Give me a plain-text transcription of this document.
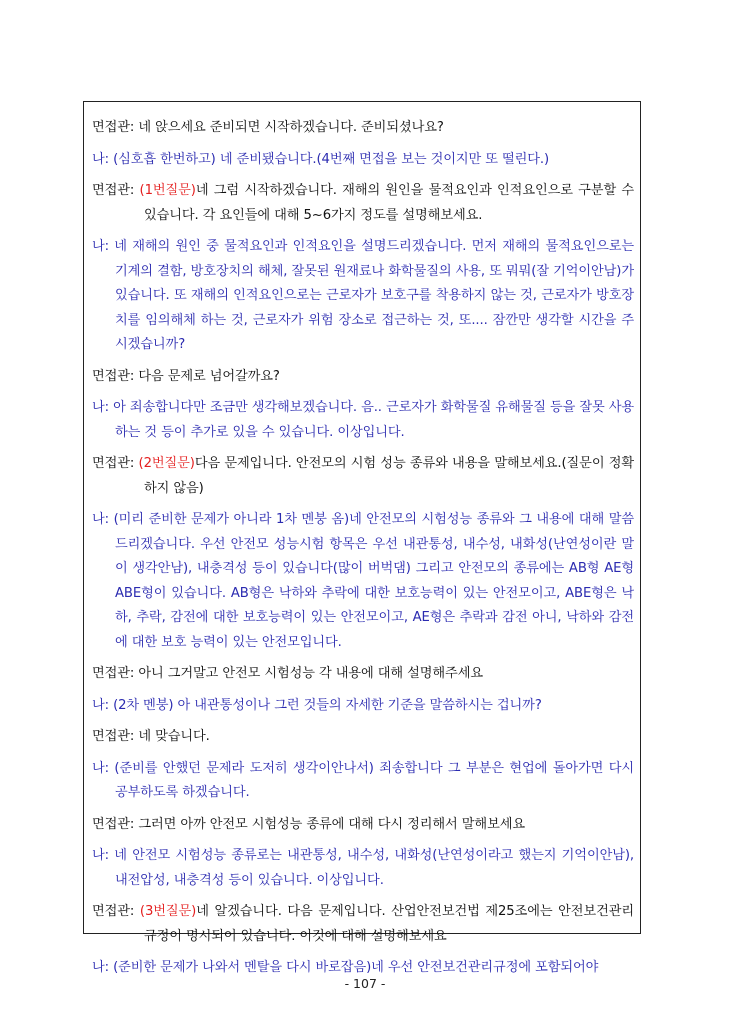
면접관: 네 앉으세요 준비되면 시작하겠습니다. 준비되셨나요?

나: (심호흡 한번하고) 네 준비됐습니다.(4번째 면접을 보는 것이지만 또 떨린다.)

면접관: (1번질문)네 그럼 시작하겠습니다. 재해의 원인을 물적요인과 인적요인으로 구분할 수 있습니다. 각 요인들에 대해 5~6가지 정도를 설명해보세요.

나: 네 재해의 원인 중 물적요인과 인적요인을 설명드리겠습니다. 먼저 재해의 물적요인으로는 기계의 결함, 방호장치의 해체, 잘못된 원재료나 화학물질의 사용, 또 뭐뭐(잘 기억이안남)가 있습니다. 또 재해의 인적요인으로는 근로자가 보호구를 착용하지 않는 것, 근로자가 방호장치를 임의해체 하는 것, 근로자가 위험 장소로 접근하는 것, 또.... 잠깐만 생각할 시간을 주시겠습니까?

면접관: 다음 문제로 넘어갈까요?

나: 아 죄송합니다만 조금만 생각해보겠습니다. 음.. 근로자가 화학물질 유해물질 등을 잘못 사용하는 것 등이 추가로 있을 수 있습니다. 이상입니다.

면접관: (2번질문)다음 문제입니다. 안전모의 시험 성능 종류와 내용을 말해보세요.(질문이 정확하지 않음)

나: (미리 준비한 문제가 아니라 1차 멘붕 옴)네 안전모의 시험성능 종류와 그 내용에 대해 말씀드리겠습니다. 우선 안전모 성능시험 항목은 우선 내관통성, 내수성, 내화성(난연성이란 말이 생각안남), 내충격성 등이 있습니다(많이 버벅댐) 그리고 안전모의 종류에는 AB형 AE형 ABE형이 있습니다. AB형은 낙하와 추락에 대한 보호능력이 있는 안전모이고, ABE형은 낙하, 추락, 감전에 대한 보호능력이 있는 안전모이고, AE형은 추락과 감전 아니, 낙하와 감전에 대한 보호 능력이 있는 안전모입니다.

면접관: 아니 그거말고 안전모 시험성능 각 내용에 대해 설명해주세요

나: (2차 멘붕) 아 내관통성이나 그런 것들의 자세한 기준을 말씀하시는 겁니까?

면접관: 네 맞습니다.

나: (준비를 안했던 문제라 도저히 생각이안나서) 죄송합니다 그 부분은 현업에 돌아가면 다시 공부하도록 하겠습니다.

면접관: 그러면 아까 안전모 시험성능 종류에 대해 다시 정리해서 말해보세요

나: 네 안전모 시험성능 종류로는 내관통성, 내수성, 내화성(난연성이라고 했는지 기억이안남), 내전압성, 내충격성 등이 있습니다. 이상입니다.

면접관: (3번질문)네 알겠습니다. 다음 문제입니다. 산업안전보건법 제25조에는 안전보건관리규정이 명시되어 있습니다. 이것에 대해 설명해보세요

나: (준비한 문제가 나와서 멘탈을 다시 바로잡음)네 우선 안전보건관리규정에 포함되어야

- 107 -
